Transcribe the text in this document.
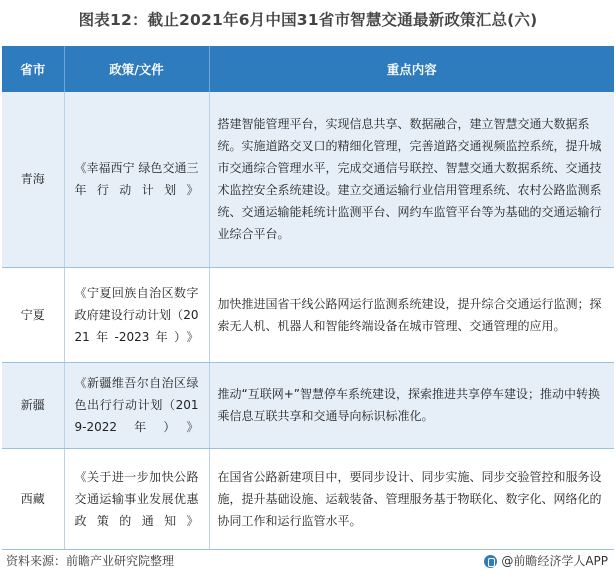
图表12：截止2021年6月中国31省市智慧交通最新政策汇总(六)
省市	政策/文件	重点内容
青海	《幸福西宁 绿色交通三年行动计划》	搭建智能管理平台，实现信息共享、数据融合，建立智慧交通大数据系统。实施道路交叉口的精细化管理，完善道路交通视频监控系统，提升城市交通综合管理水平，完成交通信号联控、智慧交通大数据系统、交通技术监控安全系统建设。建立交通运输行业信用管理系统、农村公路监测系统、交通运输能耗统计监测平台、网约车监管平台等为基础的交通运输行业综合平台。
宁夏	《宁夏回族自治区数字政府建设行动计划（2021年-2023年）》	加快推进国省干线公路网运行监测系统建设，提升综合交通运行监测；探索无人机、机器人和智能终端设备在城市管理、交通管理的应用。
新疆	《新疆维吾尔自治区绿色出行行动计划（2019-2022年）》	推动“互联网+”智慧停车系统建设，探索推进共享停车建设；推动中转换乘信息互联共享和交通导向标识标准化。
西藏	《关于进一步加快公路交通运输事业发展优惠政策的通知》	在国省公路新建项目中，要同步设计、同步实施、同步交验管控和服务设施，提升基础设施、运载装备、管理服务基于物联化、数字化、网络化的协同工作和运行监管水平。
资料来源：前瞻产业研究院整理	@前瞻经济学人APP
